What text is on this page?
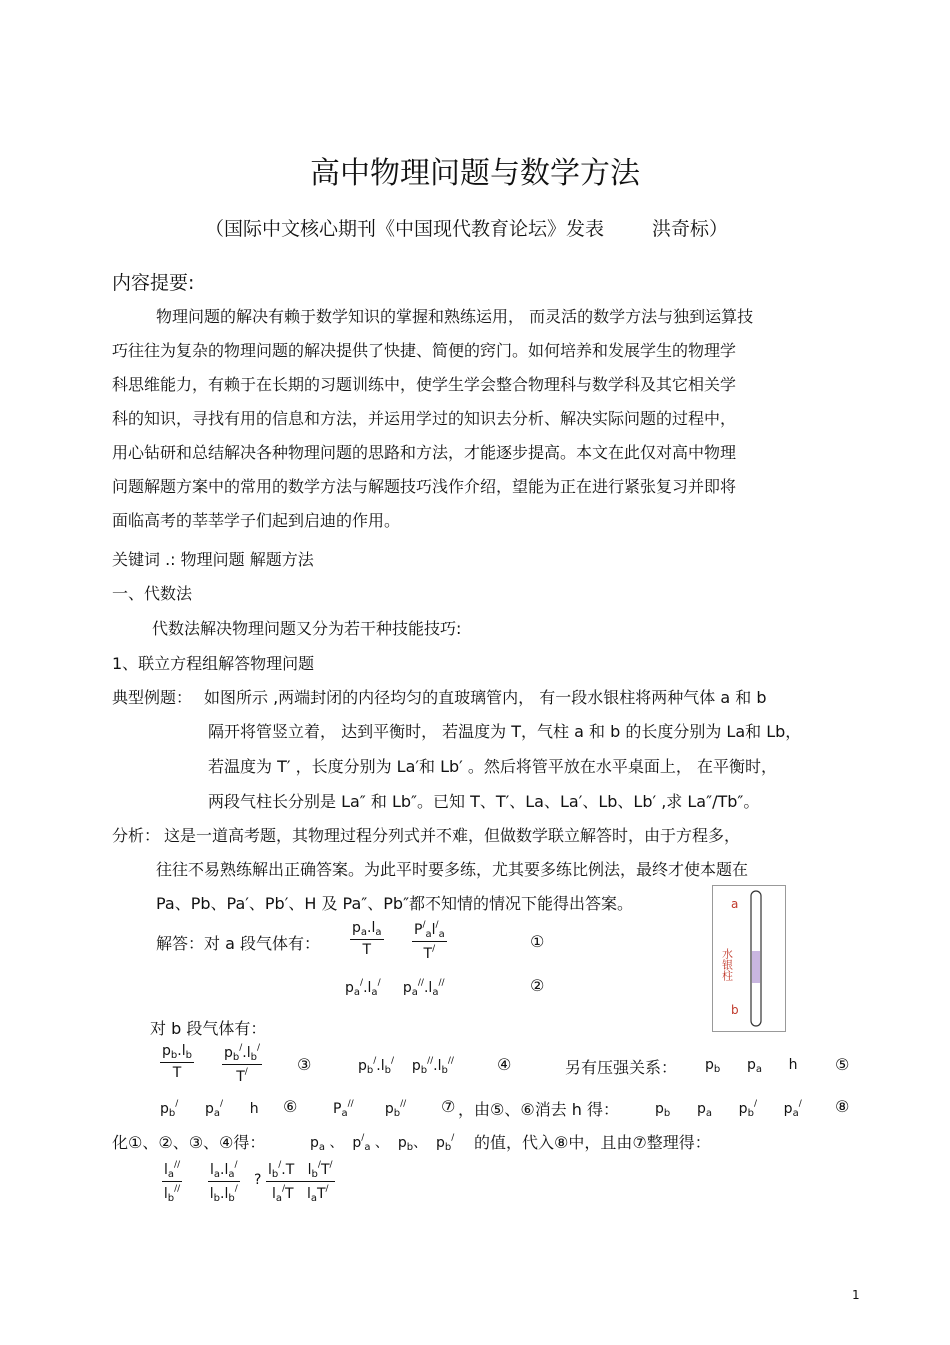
高中物理问题与数学方法
（国际中文核心期刊《中国现代教育论坛》发表	洪奇标）
内容提要:
物理问题的解决有赖于数学知识的掌握和熟练运用， 而灵活的数学方法与独到运算技
巧往往为复杂的物理问题的解决提供了快捷、简便的窍门。如何培养和发展学生的物理学
科思维能力，有赖于在长期的习题训练中，使学生学会整合物理科与数学科及其它相关学
科的知识，寻找有用的信息和方法，并运用学过的知识去分析、解决实际问题的过程中，
用心钻研和总结解决各种物理问题的思路和方法，才能逐步提高。本文在此仅对高中物理
问题解题方案中的常用的数学方法与解题技巧浅作介绍，望能为正在进行紧张复习并即将
面临高考的莘莘学子们起到启迪的作用。
关键词 .: 物理问题 解题方法
一、代数法
代数法解决物理问题又分为若干种技能技巧:
1、联立方程组解答物理问题
典型例题： 如图所示 ,两端封闭的内径均匀的直玻璃管内， 有一段水银柱将两种气体 a 和 b
隔开将管竖立着， 达到平衡时， 若温度为 T，气柱 a 和 b 的长度分别为 La和 Lb，
若温度为 T′ ，长度分别为 La′和 Lb′ 。然后将管平放在水平桌面上， 在平衡时，
两段气柱长分别是 La″ 和 Lb″。已知 T、T′、La、La′、Lb、Lb′ ,求 La″/Tb″。
分析： 这是一道高考题，其物理过程分列式并不难，但做数学联立解答时，由于方程多，
往往不易熟练解出正确答案。为此平时要多练，尤其要多练比例法，最终才使本题在
Pa、Pb、Pa′、Pb′、H 及 Pa″、Pb″都不知情的情况下能得出答案。	a
水银柱
b
解答：对 a 段气体有： $\frac{p_a.l_a}{T} \frac{P^/_al^/_a}{T^/}$	①
$p_a^/.l_a^/$     $p_a^{//}.l_a^{//}$	②
对 b 段气体有：
$\frac{p_b.l_b}{T} \frac{p_b^/.l_b^/}{T^/}$ ③	$p_b^/.l_b^/$    $p_b^{//}.l_b^{//}$	④	另有压强关系： $p_b$      $p_a$      h ⑤
$p_b^/$      $p_a^/$      h ⑥	$P_a^{//}$       $p_b^{//}$ ⑦ ，由⑤、⑥消去 h 得：	$p_b$      $p_a$      $p_b^/$      $p_a^/$ ⑧
化①、②、③、④得：	$p_a$ 、  $p^/_a$ 、  $p_b$、  $p_b^/$ 的值，代入⑧中，且由⑦整理得：
$\frac{l_a^{//}}{l_b^{//}} \frac{l_a.l_a^/}{l_b.l_b^/}$ ?
$l_b^/.T$   $l_b^/T^/$
$l_a^/T$   $l_aT^/$
1
